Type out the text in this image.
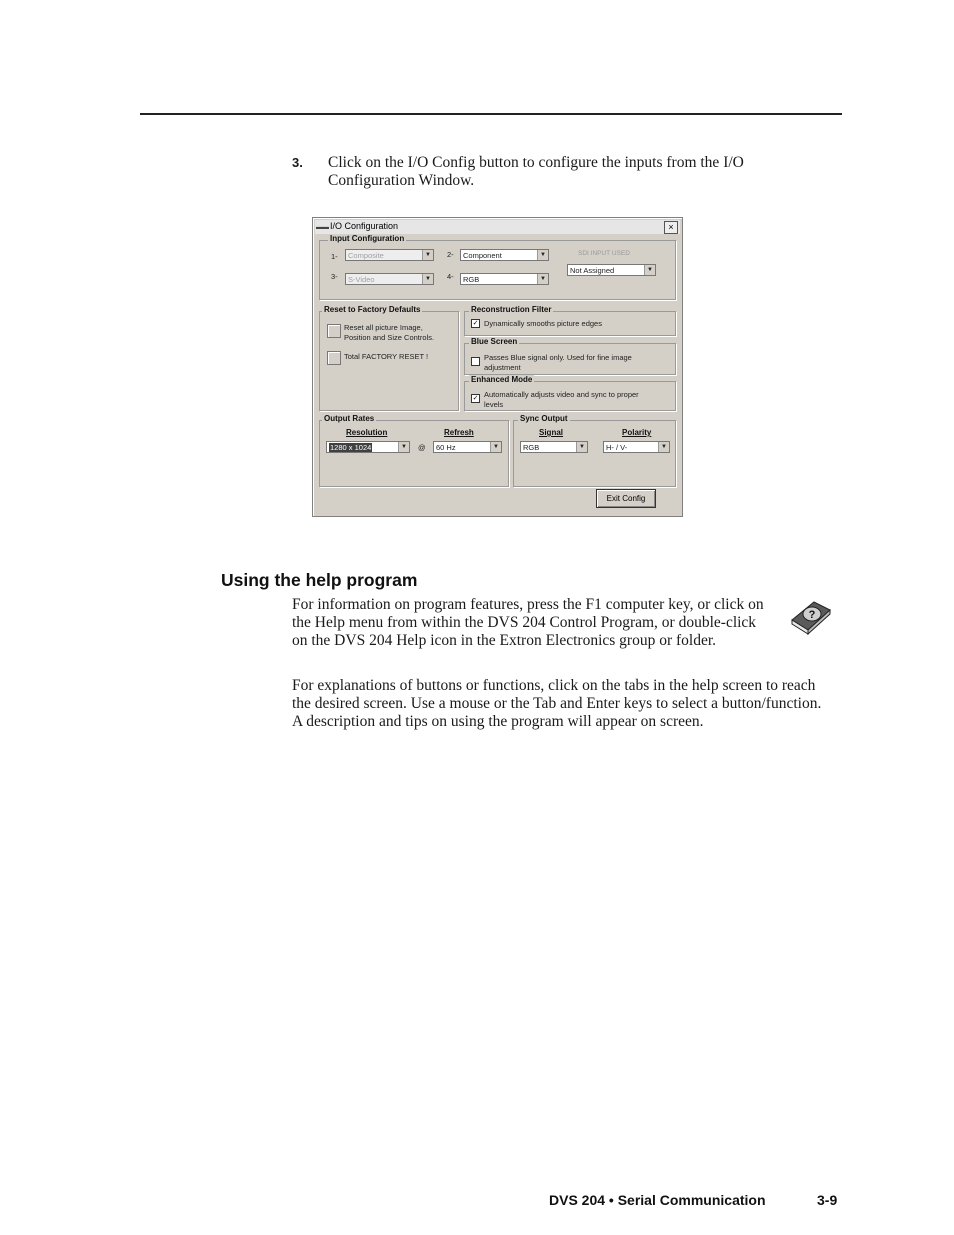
3. Click on the I/O Config button to configure the inputs from the I/O Configuration Window.
▬▬ I/O Configuration	×
Input Configuration
1-	Composite	▼ 2-	Component	▼	SDI INPUT USED
Not Assigned	▼
3-	S-Video	▼ 4-	RGB	▼
Reset to Factory Defaults
Reset all picture Image, Position and Size Controls.
Total FACTORY RESET !
Reconstruction Filter
✓ Dynamically smooths picture edges
Blue Screen
Passes Blue signal only. Used for fine image adjustment
Enhanced Mode
✓ Automatically adjusts video and sync to proper levels
Output Rates
Resolution	Refresh
1280 x 1024	▼ @	60 Hz	▼
Sync Output
Signal	Polarity
RGB	▼	H- / V-	▼
Exit Config
Using the help program
For information on program features, press the F1 computer key, or click on the Help menu from within the DVS 204 Control Program, or double-click on the DVS 204 Help icon in the Extron Electronics group or folder.
?
For explanations of buttons or functions, click on the tabs in the help screen to reach the desired screen. Use a mouse or the Tab and Enter keys to select a button/function. A description and tips on using the program will appear on screen.
DVS 204 • Serial Communication	3-9
